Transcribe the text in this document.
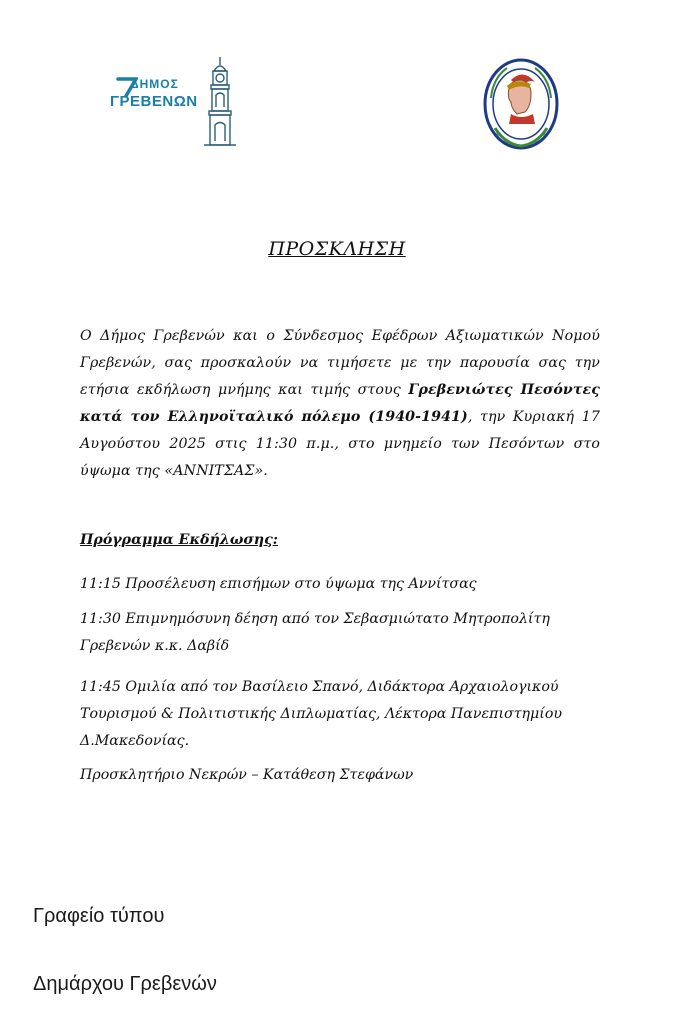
ΔΗΜΟΣ
ΓΡΕΒΕΝΩΝ
ΠΡΟΣΚΛΗΣΗ
Ο Δήμος Γρεβενών και ο Σύνδεσμος Εφέδρων Αξιωματικών Νομού Γρεβενών, σας προσκαλούν να τιμήσετε με την παρουσία σας την ετήσια εκδήλωση μνήμης και τιμής στους Γρεβενιώτες Πεσόντες κατά τον Ελληνοϊταλικό πόλεμο (1940-1941), την Κυριακή 17 Αυγούστου 2025 στις 11:30 π.μ., στο μνημείο των Πεσόντων στο ύψωμα της «ΑΝΝΙΤΣΑΣ».
Πρόγραμμα Εκδήλωσης:
11:15 Προσέλευση επισήμων στο ύψωμα της Αννίτσας
11:30 Επιμνημόσυνη δέηση από τον Σεβασμιώτατο Μητροπολίτη Γρεβενών κ.κ. Δαβίδ
11:45 Ομιλία από τον Βασίλειο Σπανό, Διδάκτορα Αρχαιολογικού Τουρισμού & Πολιτιστικής Διπλωματίας, Λέκτορα Πανεπιστημίου Δ.Μακεδονίας.
Προσκλητήριο Νεκρών – Κατάθεση Στεφάνων
Γραφείο τύπου
Δημάρχου Γρεβενών
